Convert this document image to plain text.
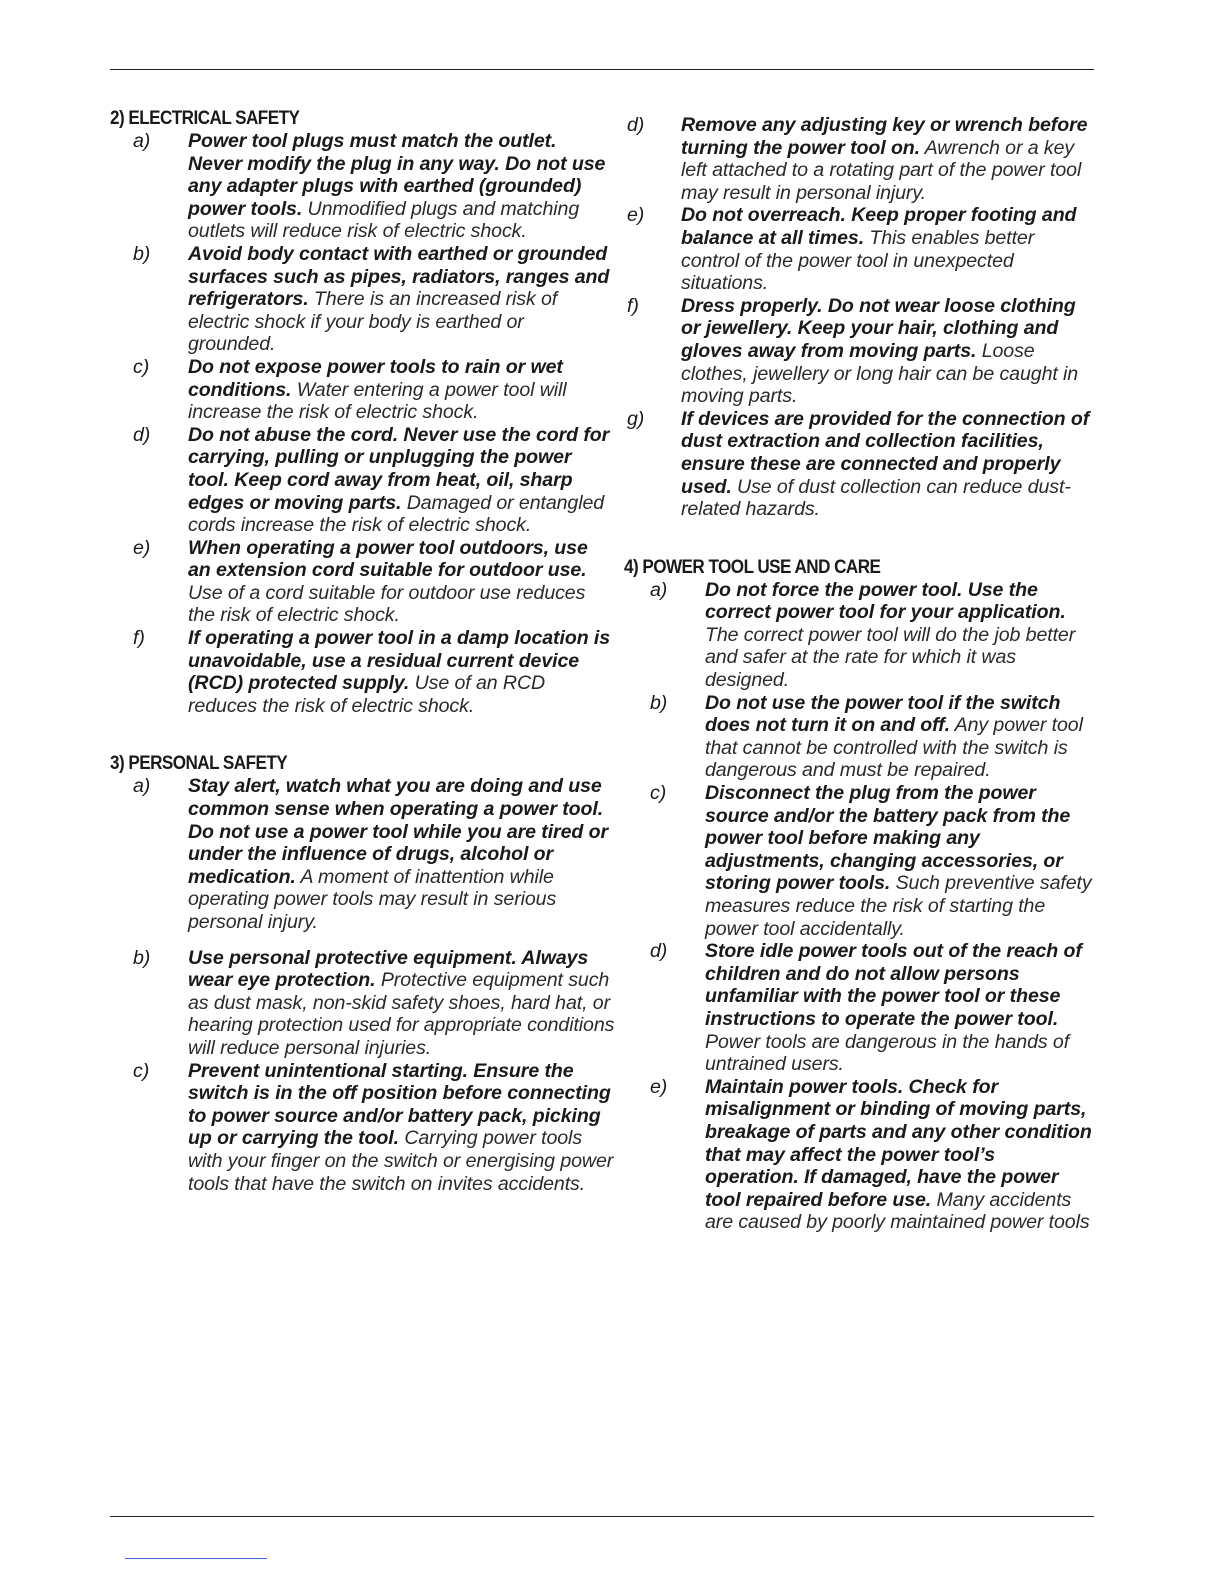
2) ELECTRICAL SAFETY
a)	Power tool plugs must match the outlet. Never modify the plug in any way. Do not use any adapter plugs with earthed (grounded) power tools. Unmodified plugs and matching outlets will reduce risk of electric shock.
b)	Avoid body contact with earthed or grounded surfaces such as pipes, radiators, ranges and refrigerators. There is an increased risk of electric shock if your body is earthed or grounded.
c)	Do not expose power tools to rain or wet conditions. Water entering a power tool will increase the risk of electric shock.
d)	Do not abuse the cord. Never use the cord for carrying, pulling or unplugging the power tool. Keep cord away from heat, oil, sharp edges or moving parts. Damaged or entangled cords increase the risk of electric shock.
e)	When operating a power tool outdoors, use an extension cord suitable for outdoor use. Use of a cord suitable for outdoor use reduces the risk of electric shock.
f)	If operating a power tool in a damp location is unavoidable, use a residual current device (RCD) protected supply. Use of an RCD reduces the risk of electric shock.
3) PERSONAL SAFETY
a)	Stay alert, watch what you are doing and use common sense when operating a power tool. Do not use a power tool while you are tired or under the influence of drugs, alcohol or medication. A moment of inattention while operating power tools may result in serious personal injury.
b)	Use personal protective equipment. Always wear eye protection. Protective equipment such as dust mask, non-skid safety shoes, hard hat, or hearing protection used for appropriate conditions will reduce personal injuries.
c)	Prevent unintentional starting. Ensure the switch is in the off position before connecting to power source and/or battery pack, picking up or carrying the tool. Carrying power tools with your finger on the switch or energising power tools that have the switch on invites accidents.
d)	Remove any adjusting key or wrench before turning the power tool on. Awrench or a key left attached to a rotating part of the power tool may result in personal injury.
e)	Do not overreach. Keep proper footing and balance at all times. This enables better control of the power tool in unexpected situations.
f)	Dress properly. Do not wear loose clothing or jewellery. Keep your hair, clothing and gloves away from moving parts. Loose clothes, jewellery or long hair can be caught in moving parts.
g)	If devices are provided for the connection of dust extraction and collection facilities, ensure these are connected and properly used. Use of dust collection can reduce dust-related hazards.
4) POWER TOOL USE AND CARE
a)	Do not force the power tool. Use the correct power tool for your application. The correct power tool will do the job better and safer at the rate for which it was designed.
b)	Do not use the power tool if the switch does not turn it on and off. Any power tool that cannot be controlled with the switch is dangerous and must be repaired.
c)	Disconnect the plug from the power source and/or the battery pack from the power tool before making any adjustments, changing accessories, or storing power tools. Such preventive safety measures reduce the risk of starting the power tool accidentally.
d)	Store idle power tools out of the reach of children and do not allow persons unfamiliar with the power tool or these instructions to operate the power tool. Power tools are dangerous in the hands of untrained users.
e)	Maintain power tools. Check for misalignment or binding of moving parts, breakage of parts and any other condition that may affect the power tool’s operation. If damaged, have the power tool repaired before use. Many accidents are caused by poorly maintained power tools
